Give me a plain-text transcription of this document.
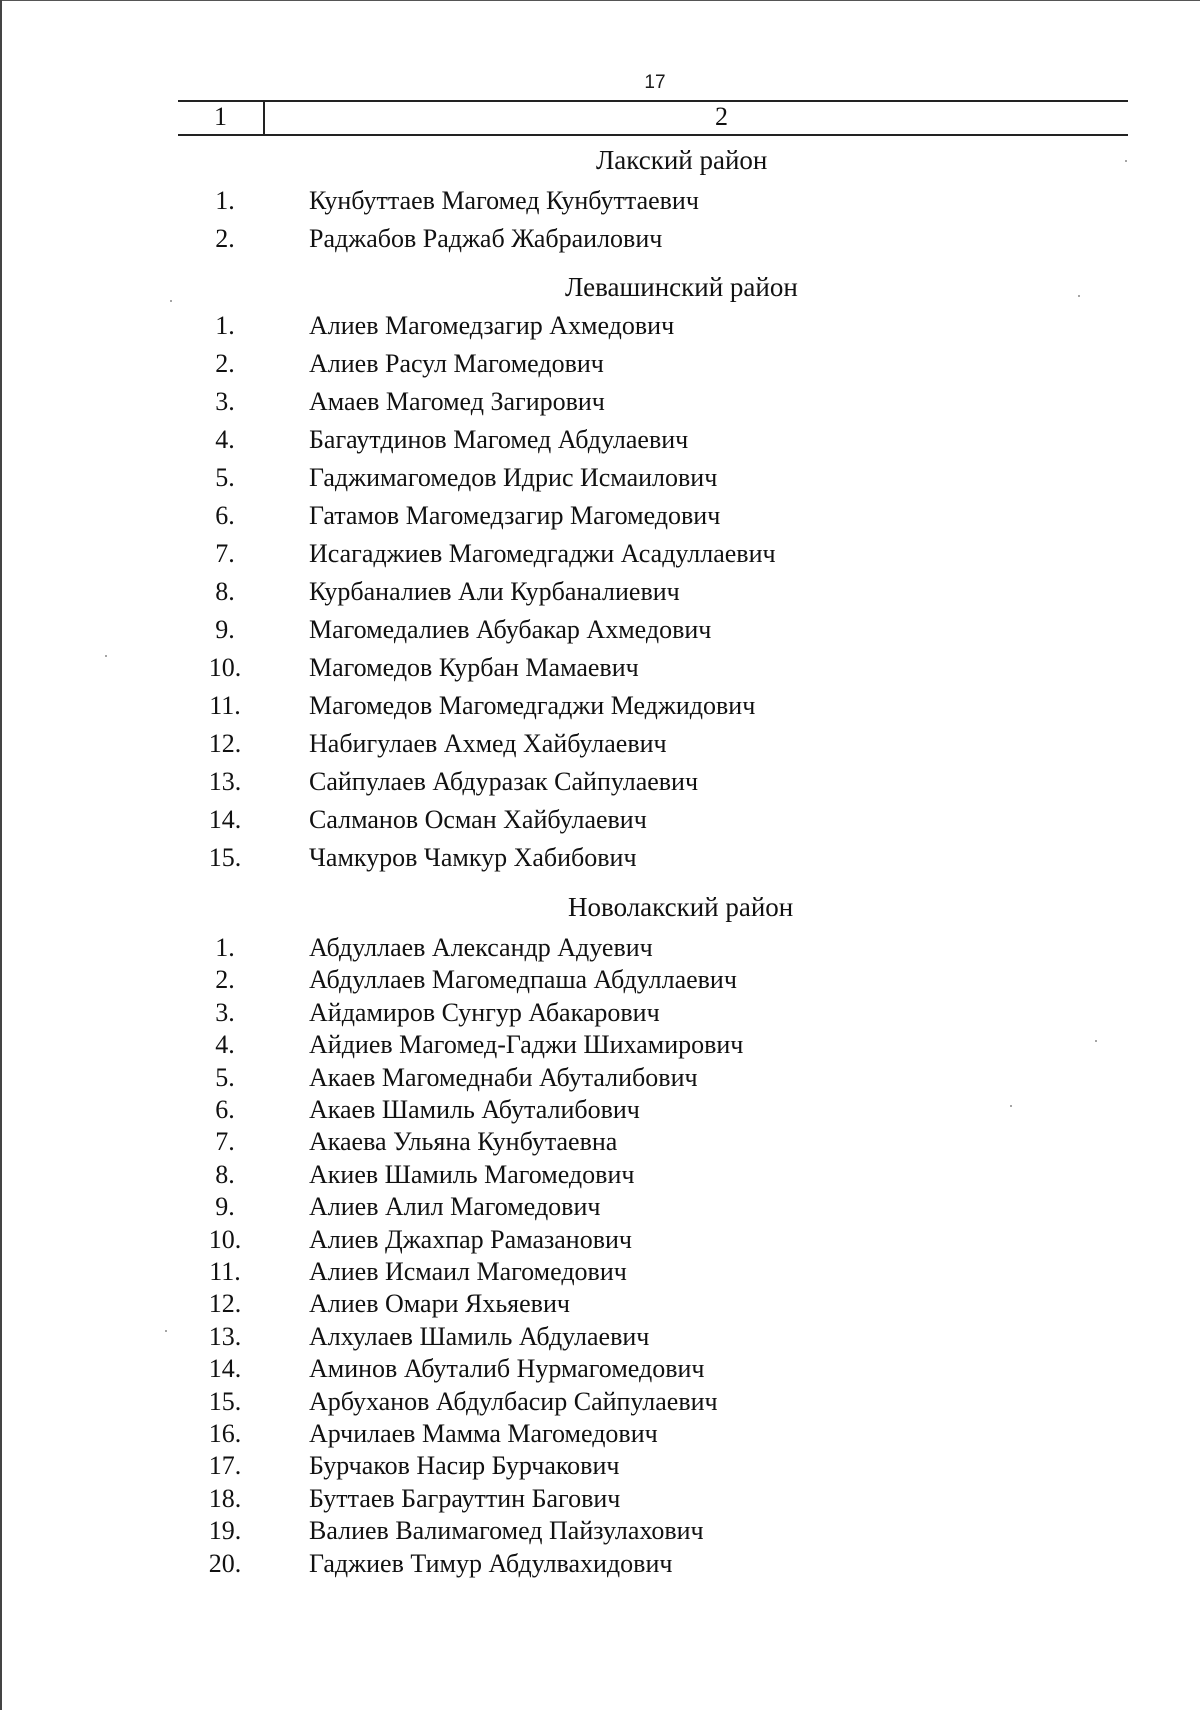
17
1	2
Лакский район
1.	Кунбуттаев Магомед Кунбуттаевич
2.	Раджабов Раджаб Жабраилович
Левашинский район
1.	Алиев Магомедзагир Ахмедович
2.	Алиев Расул Магомедович
3.	Амаев Магомед Загирович
4.	Багаутдинов Магомед Абдулаевич
5.	Гаджимагомедов Идрис Исмаилович
6.	Гатамов Магомедзагир Магомедович
7.	Исагаджиев Магомедгаджи Асадуллаевич
8.	Курбаналиев Али Курбаналиевич
9.	Магомедалиев Абубакар Ахмедович
10.	Магомедов Курбан Мамаевич
11.	Магомедов Магомедгаджи Меджидович
12.	Набигулаев Ахмед Хайбулаевич
13.	Сайпулаев Абдуразак Сайпулаевич
14.	Салманов Осман Хайбулаевич
15.	Чамкуров Чамкур Хабибович
Новолакский район
1.	Абдуллаев Александр Адуевич
2.	Абдуллаев Магомедпаша Абдуллаевич
3.	Айдамиров Сунгур Абакарович
4.	Айдиев Магомед-Гаджи Шихамирович
5.	Акаев Магомеднаби Абуталибович
6.	Акаев Шамиль Абуталибович
7.	Акаева Ульяна Кунбутаевна
8.	Акиев Шамиль Магомедович
9.	Алиев Алил Магомедович
10.	Алиев Джахпар Рамазанович
11.	Алиев Исмаил Магомедович
12.	Алиев Омари Яхьяевич
13.	Алхулаев Шамиль Абдулаевич
14.	Аминов Абуталиб Нурмагомедович
15.	Арбуханов Абдулбасир Сайпулаевич
16.	Арчилаев Мамма Магомедович
17.	Бурчаков Насир Бурчакович
18.	Буттаев Баграуттин Багович
19.	Валиев Валимагомед Пайзулахович
20.	Гаджиев Тимур Абдулвахидович
